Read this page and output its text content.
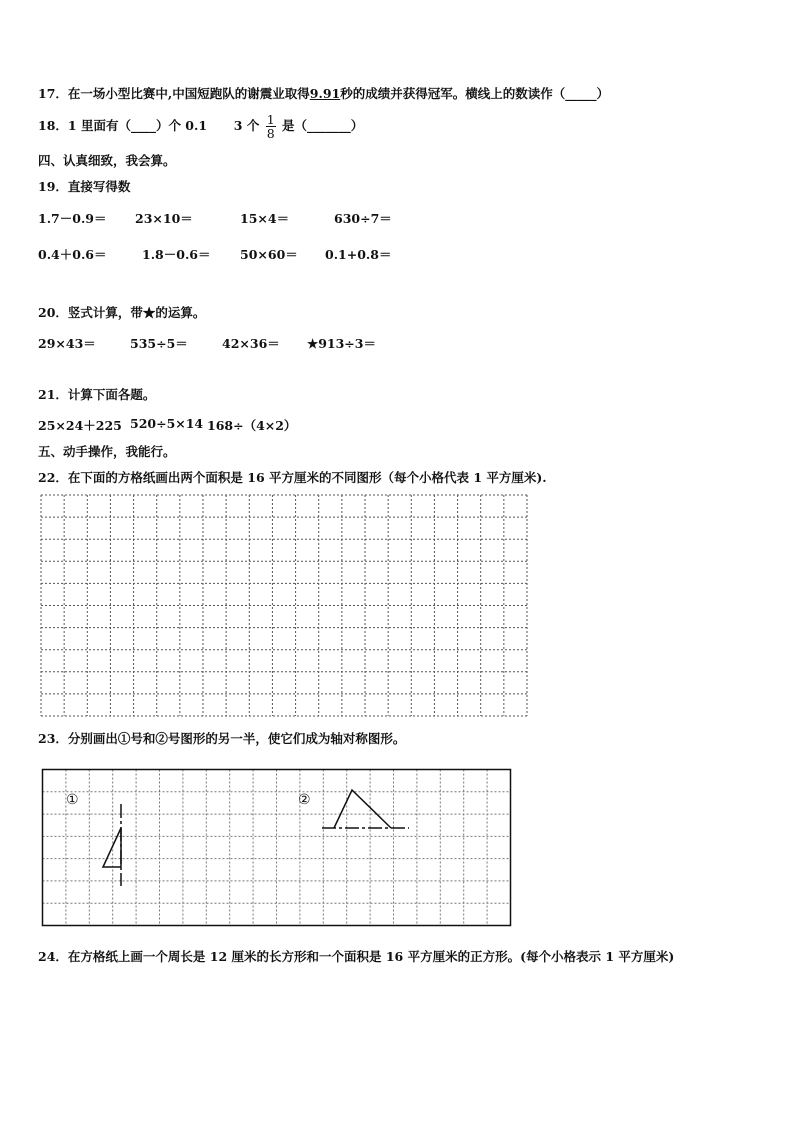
17．在一场小型比赛中,中国短跑队的谢震业取得9.91秒的成绩并获得冠军。横线上的数读作（_____）
18．1 里面有（____）个 0.1 3 个 $\frac{1}{8}$ 是（_______）
四、认真细致，我会算。
19．直接写得数
1.7－0.9＝ 23×10＝	15×4＝	630÷7＝
0.4＋0.6＝	1.8－0.6＝ 50×60＝ 0.1+0.8＝
20．竖式计算，带★的运算。
29×43＝	535÷5＝	42×36＝ ★913÷3＝
21．计算下面各题。
25×24＋225 520÷5×14 168÷（4×2）
五、动手操作，我能行。
22．在下面的方格纸画出两个面积是 16 平方厘米的不同图形（每个小格代表 1 平方厘米).
23．分别画出①号和②号图形的另一半，使它们成为轴对称图形。
①	②
24．在方格纸上画一个周长是 12 厘米的长方形和一个面积是 16 平方厘米的正方形。(每个小格表示 1 平方厘米)
